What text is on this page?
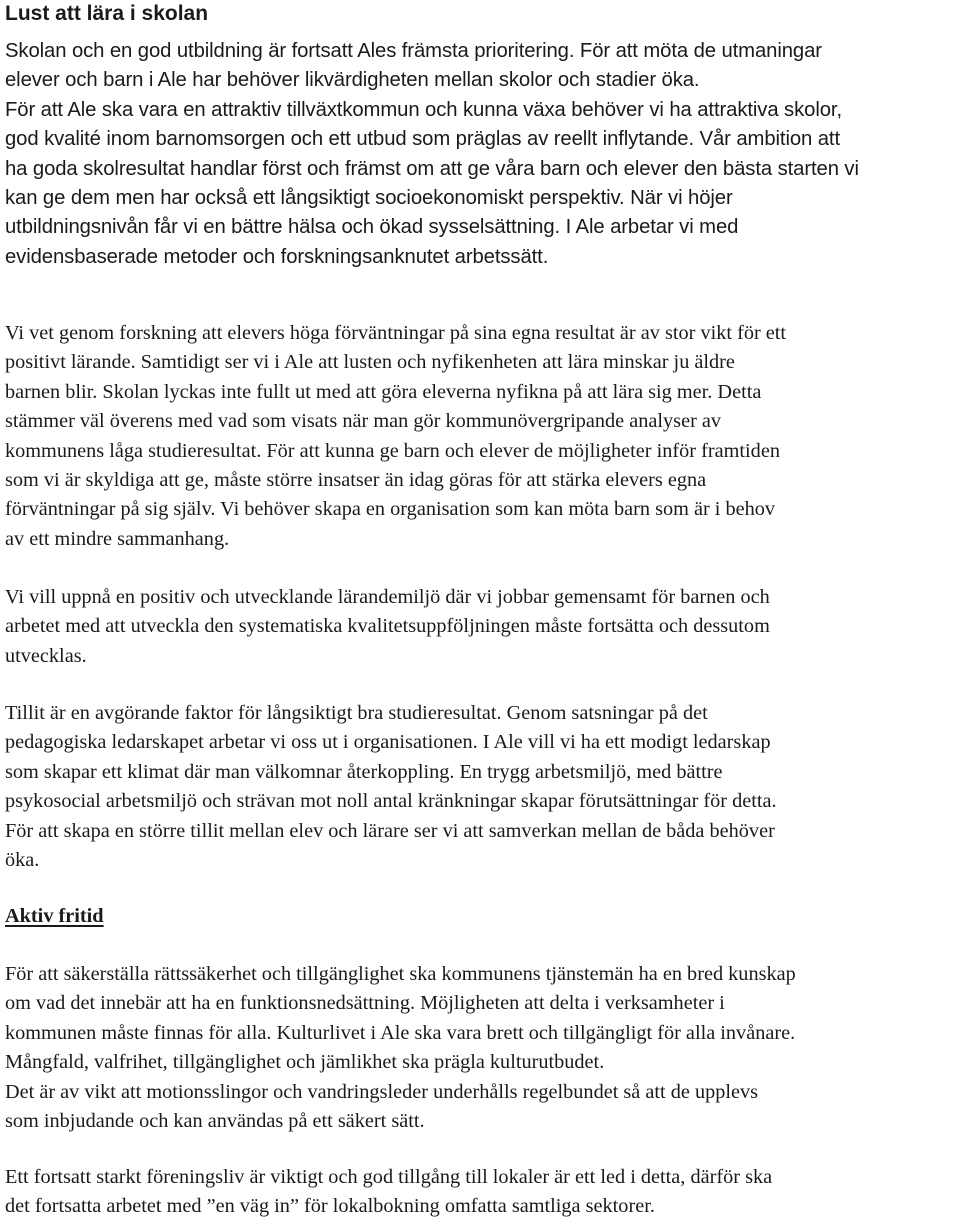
Lust att lära i skolan
Skolan och en god utbildning är fortsatt Ales främsta prioritering. För att möta de utmaningar
elever och barn i Ale har behöver likvärdigheten mellan skolor och stadier öka.
För att Ale ska vara en attraktiv tillväxtkommun och kunna växa behöver vi ha attraktiva skolor,
god kvalité inom barnomsorgen och ett utbud som präglas av reellt inflytande. Vår ambition att
ha goda skolresultat handlar först och främst om att ge våra barn och elever den bästa starten vi
kan ge dem men har också ett långsiktigt socioekonomiskt perspektiv. När vi höjer
utbildningsnivån får vi en bättre hälsa och ökad sysselsättning. I Ale arbetar vi med
evidensbaserade metoder och forskningsanknutet arbetssätt.
Vi vet genom forskning att elevers höga förväntningar på sina egna resultat är av stor vikt för ett
positivt lärande. Samtidigt ser vi i Ale att lusten och nyfikenheten att lära minskar ju äldre
barnen blir. Skolan lyckas inte fullt ut med att göra eleverna nyfikna på att lära sig mer. Detta
stämmer väl överens med vad som visats när man gör kommunövergripande analyser av
kommunens låga studieresultat. För att kunna ge barn och elever de möjligheter inför framtiden
som vi är skyldiga att ge, måste större insatser än idag göras för att stärka elevers egna
förväntningar på sig själv. Vi behöver skapa en organisation som kan möta barn som är i behov
av ett mindre sammanhang.
Vi vill uppnå en positiv och utvecklande lärandemiljö där vi jobbar gemensamt för barnen och
arbetet med att utveckla den systematiska kvalitetsuppföljningen måste fortsätta och dessutom
utvecklas.
Tillit är en avgörande faktor för långsiktigt bra studieresultat. Genom satsningar på det
pedagogiska ledarskapet arbetar vi oss ut i organisationen. I Ale vill vi ha ett modigt ledarskap
som skapar ett klimat där man välkomnar återkoppling. En trygg arbetsmiljö, med bättre
psykosocial arbetsmiljö och strävan mot noll antal kränkningar skapar förutsättningar för detta.
För att skapa en större tillit mellan elev och lärare ser vi att samverkan mellan de båda behöver
öka.
Aktiv fritid
För att säkerställa rättssäkerhet och tillgänglighet ska kommunens tjänstemän ha en bred kunskap
om vad det innebär att ha en funktionsnedsättning. Möjligheten att delta i verksamheter i
kommunen måste finnas för alla. Kulturlivet i Ale ska vara brett och tillgängligt för alla invånare.
Mångfald, valfrihet, tillgänglighet och jämlikhet ska prägla kulturutbudet.
Det är av vikt att motionsslingor och vandringsleder underhålls regelbundet så att de upplevs
som inbjudande och kan användas på ett säkert sätt.
Ett fortsatt starkt föreningsliv är viktigt och god tillgång till lokaler är ett led i detta, därför ska
det fortsatta arbetet med ”en väg in” för lokalbokning omfatta samtliga sektorer.
